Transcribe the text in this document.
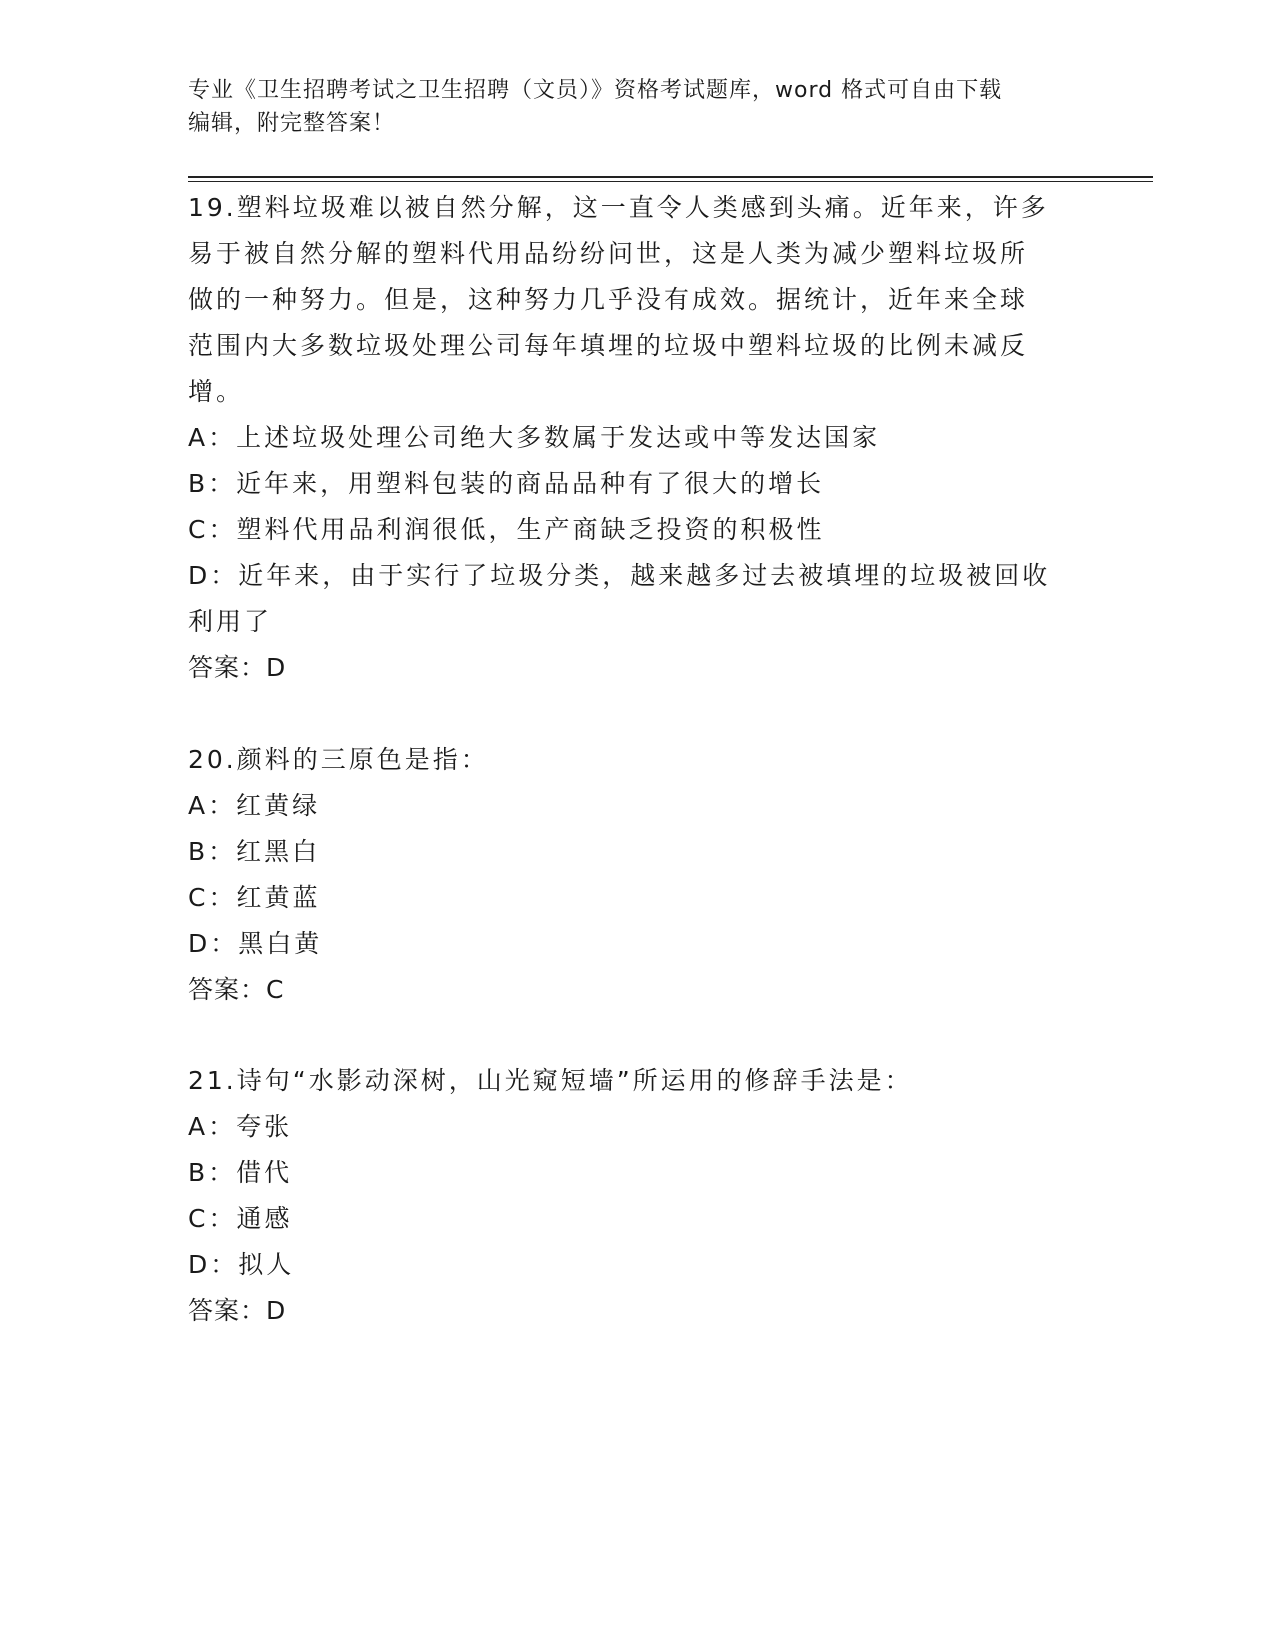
专业《卫生招聘考试之卫生招聘（文员）》资格考试题库，word 格式可自由下载
编辑，附完整答案！
19.塑料垃圾难以被自然分解，这一直令人类感到头痛。近年来，许多
易于被自然分解的塑料代用品纷纷问世，这是人类为减少塑料垃圾所
做的一种努力。但是，这种努力几乎没有成效。据统计，近年来全球
范围内大多数垃圾处理公司每年填埋的垃圾中塑料垃圾的比例未减反
增。
A：上述垃圾处理公司绝大多数属于发达或中等发达国家
B：近年来，用塑料包装的商品品种有了很大的增长
C：塑料代用品利润很低，生产商缺乏投资的积极性
D：近年来，由于实行了垃圾分类，越来越多过去被填埋的垃圾被回收
利用了
答案：D
20.颜料的三原色是指：
A：红黄绿
B：红黑白
C：红黄蓝
D：黑白黄
答案：C
21.诗句“水影动深树，山光窥短墙”所运用的修辞手法是：
A：夸张
B：借代
C：通感
D：拟人
答案：D
